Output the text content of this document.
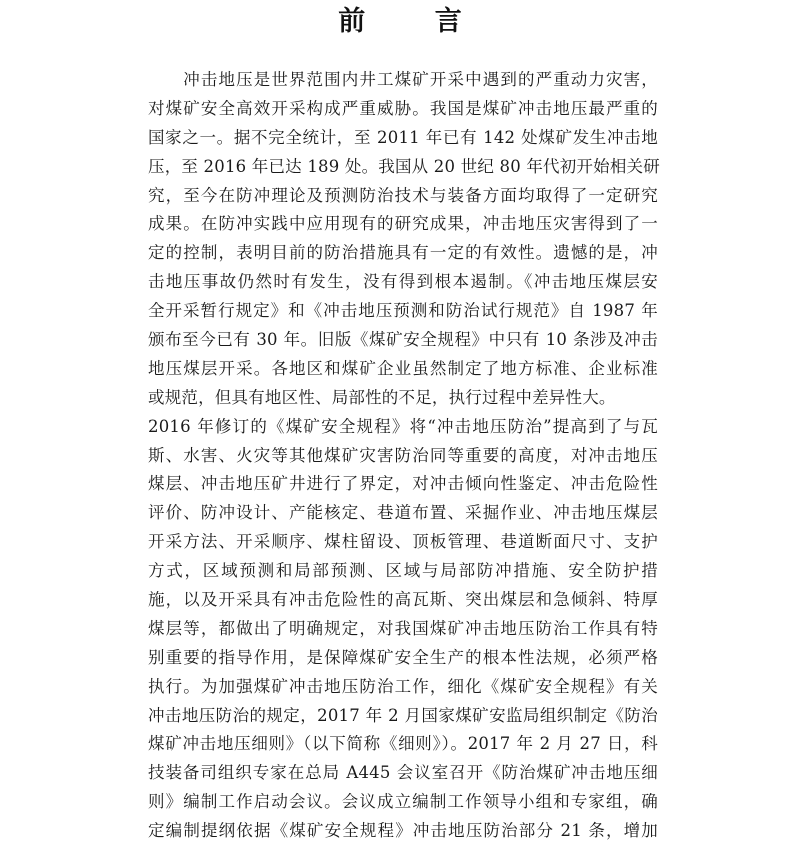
前 言
　　冲击地压是世界范围内井工煤矿开采中遇到的严重动力灾害，
对煤矿安全高效开采构成严重威胁。我国是煤矿冲击地压最严重的
国家之一。据不完全统计，至 2011 年已有 142 处煤矿发生冲击地
压，至 2016 年已达 189 处。我国从 20 世纪 80 年代初开始相关研
究，至今在防冲理论及预测防治技术与装备方面均取得了一定研究
成果。在防冲实践中应用现有的研究成果，冲击地压灾害得到了一
定的控制，表明目前的防治措施具有一定的有效性。遗憾的是，冲
击地压事故仍然时有发生，没有得到根本遏制。《冲击地压煤层安
全开采暂行规定》和《冲击地压预测和防治试行规范》自 1987 年
颁布至今已有 30 年。旧版《煤矿安全规程》中只有 10 条涉及冲击
地压煤层开采。各地区和煤矿企业虽然制定了地方标准、企业标准
或规范，但具有地区性、局部性的不足，执行过程中差异性大。
2016 年修订的《煤矿安全规程》将“冲击地压防治”提高到了与瓦
斯、水害、火灾等其他煤矿灾害防治同等重要的高度，对冲击地压
煤层、冲击地压矿井进行了界定，对冲击倾向性鉴定、冲击危险性
评价、防冲设计、产能核定、巷道布置、采掘作业、冲击地压煤层
开采方法、开采顺序、煤柱留设、顶板管理、巷道断面尺寸、支护
方式，区域预测和局部预测、区域与局部防冲措施、安全防护措
施，以及开采具有冲击危险性的高瓦斯、突出煤层和急倾斜、特厚
煤层等，都做出了明确规定，对我国煤矿冲击地压防治工作具有特
别重要的指导作用，是保障煤矿安全生产的根本性法规，必须严格
执行。为加强煤矿冲击地压防治工作，细化《煤矿安全规程》有关
冲击地压防治的规定，2017 年 2 月国家煤矿安监局组织制定《防治
煤矿冲击地压细则》（以下简称《细则》）。2017 年 2 月 27 日，科
技装备司组织专家在总局 A445 会议室召开《防治煤矿冲击地压细
则》编制工作启动会议。会议成立编制工作领导小组和专家组，确
定编制提纲依据《煤矿安全规程》冲击地压防治部分 21 条，增加
